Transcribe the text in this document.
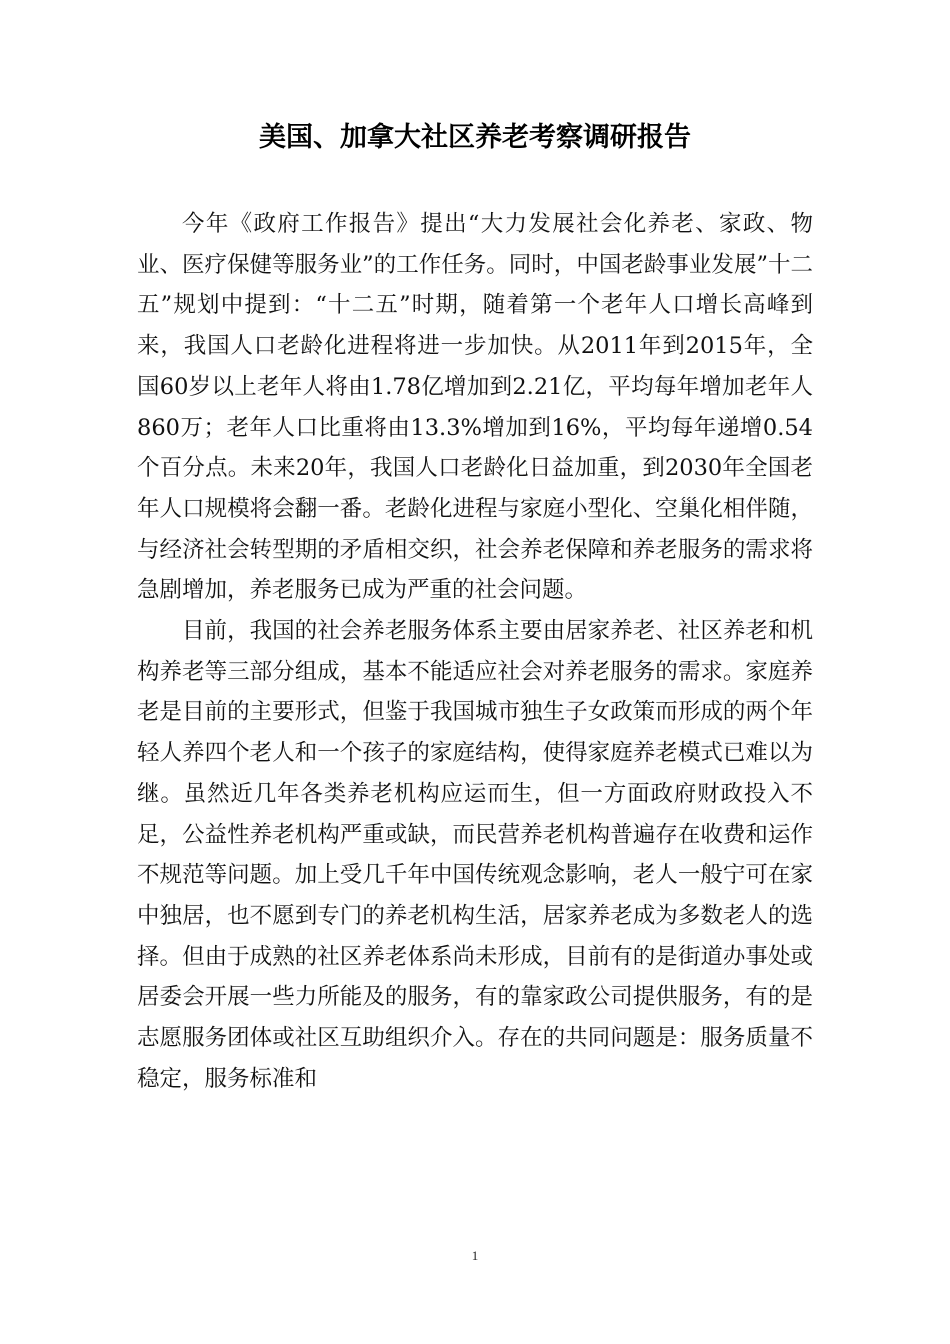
美国、加拿大社区养老考察调研报告

今年《政府工作报告》提出“大力发展社会化养老、家政、物业、医疗保健等服务业”的工作任务。同时，中国老龄事业发展”十二五”规划中提到：“十二五”时期，随着第一个老年人口增长高峰到来，我国人口老龄化进程将进一步加快。从2011年到2015年，全国60岁以上老年人将由1.78亿增加到2.21亿，平均每年增加老年人860万；老年人口比重将由13.3%增加到16%，平均每年递增0.54个百分点。未来20年，我国人口老龄化日益加重，到2030年全国老年人口规模将会翻一番。老龄化进程与家庭小型化、空巢化相伴随，与经济社会转型期的矛盾相交织，社会养老保障和养老服务的需求将急剧增加，养老服务已成为严重的社会问题。

目前，我国的社会养老服务体系主要由居家养老、社区养老和机构养老等三部分组成，基本不能适应社会对养老服务的需求。家庭养老是目前的主要形式，但鉴于我国城市独生子女政策而形成的两个年轻人养四个老人和一个孩子的家庭结构，使得家庭养老模式已难以为继。虽然近几年各类养老机构应运而生，但一方面政府财政投入不足，公益性养老机构严重或缺，而民营养老机构普遍存在收费和运作不规范等问题。加上受几千年中国传统观念影响，老人一般宁可在家中独居，也不愿到专门的养老机构生活，居家养老成为多数老人的选择。但由于成熟的社区养老体系尚未形成，目前有的是街道办事处或居委会开展一些力所能及的服务，有的靠家政公司提供服务，有的是志愿服务团体或社区互助组织介入。存在的共同问题是：服务质量不稳定，服务标准和

1
